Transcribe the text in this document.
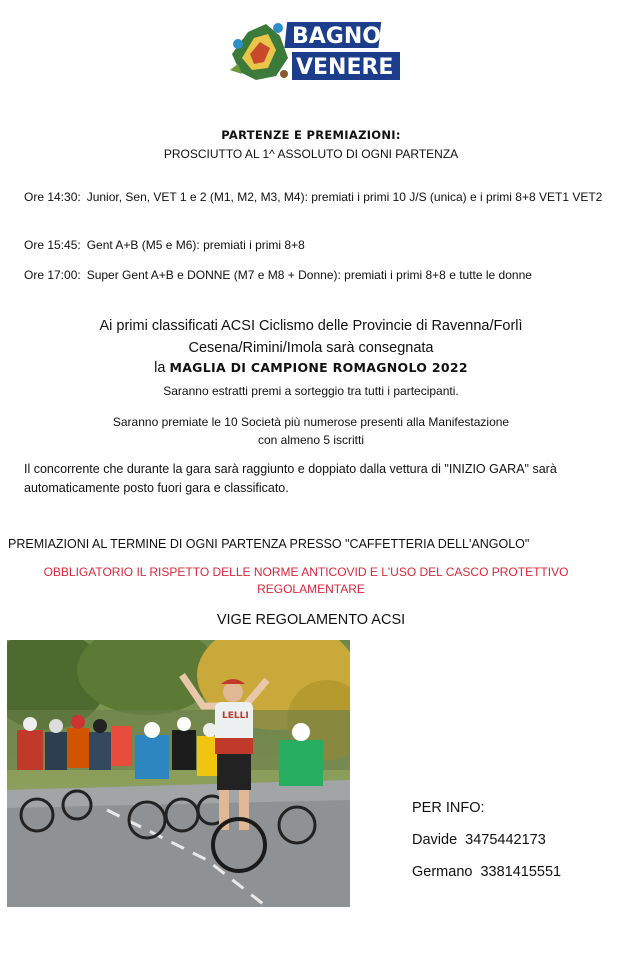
BAGNO
VENERE
PARTENZE E PREMIAZIONI:
PROSCIUTTO AL 1^ ASSOLUTO DI OGNI PARTENZA
Ore 14:30: Junior, Sen, VET 1 e 2 (M1, M2, M3, M4): premiati i primi 10 J/S (unica) e i primi 8+8 VET1 VET2
Ore 15:45: Gent A+B (M5 e M6): premiati i primi 8+8
Ore 17:00: Super Gent A+B e DONNE (M7 e M8 + Donne): premiati i primi 8+8 e tutte le donne
Ai primi classificati ACSI Ciclismo delle Provincie di Ravenna/Forlì
Cesena/Rimini/Imola sarà consegnata
la MAGLIA DI CAMPIONE ROMAGNOLO 2022
Saranno estratti premi a sorteggio tra tutti i partecipanti.
Saranno premiate le 10 Società più numerose presenti alla Manifestazione
con almeno 5 iscritti
Il concorrente che durante la gara sarà raggiunto e doppiato dalla vettura di "INIZIO GARA" sarà automaticamente posto fuori gara e classificato.
PREMIAZIONI AL TERMINE DI OGNI PARTENZA PRESSO "CAFFETTERIA DELL'ANGOLO"
OBBLIGATORIO IL RISPETTO DELLE NORME ANTICOVID E L'USO DEL CASCO PROTETTIVO
REGOLAMENTARE
VIGE REGOLAMENTO ACSI
LELLI
PER INFO:
Davide 3475442173
Germano 3381415551
